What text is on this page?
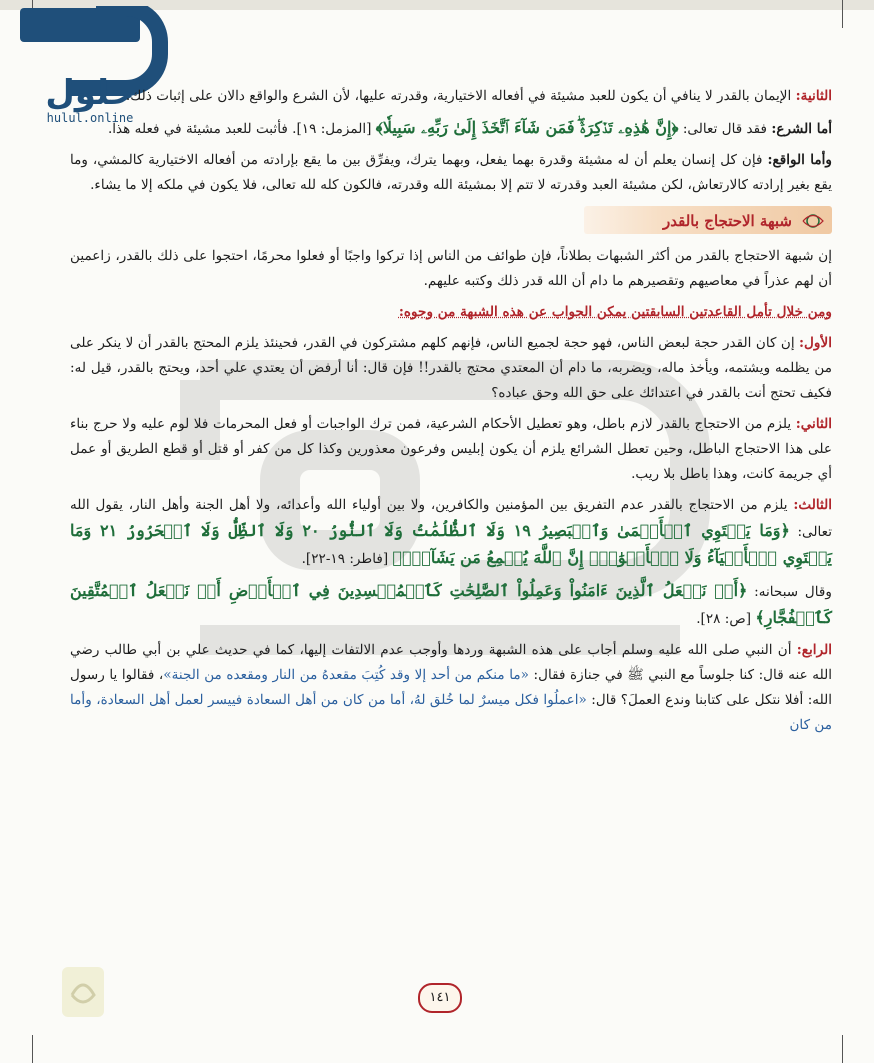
حلول
hulul.online

الثانية: الإيمان بالقدر لا ينافي أن يكون للعبد مشيئة في أفعاله الاختيارية، وقدرته عليها، لأن الشرع والواقع دالان على إثبات ذلك.

أما الشرع: فقد قال تعالى: ﴿إِنَّ هَٰذِهِۦ تَذۡكِرَةٞۖ فَمَن شَآءَ ٱتَّخَذَ إِلَىٰ رَبِّهِۦ سَبِيلٗا﴾ [المزمل: ١٩]. فأثبت للعبد مشيئة في فعله هذا.

وأما الواقع: فإن كل إنسان يعلم أن له مشيئة وقدرة بهما يفعل، وبهما يترك، ويفرِّق بين ما يقع بإرادته من أفعاله الاختيارية كالمشي، وما يقع بغير إرادته كالارتعاش، لكن مشيئة العبد وقدرته لا تتم إلا بمشيئة الله وقدرته، فالكون كله لله تعالى، فلا يكون في ملكه إلا ما يشاء.

شبهة الاحتجاج بالقدر

إن شبهة الاحتجاج بالقدر من أكثر الشبهات بطلاناً، فإن طوائف من الناس إذا تركوا واجبًا أو فعلوا محرمًا، احتجوا على ذلك بالقدر، زاعمين أن لهم عذراً في معاصيهم وتقصيرهم ما دام أن الله قدر ذلك وكتبه عليهم.

ومن خلال تأمل القاعدتين السابقتين يمكن الجواب عن هذه الشبهة من وجوه:

الأول: إن كان القدر حجة لبعض الناس، فهو حجة لجميع الناس، فإنهم كلهم مشتركون في القدر، فحينئذ يلزم المحتج بالقدر أن لا ينكر على من يظلمه ويشتمه، ويأخذ ماله، ويضربه، ما دام أن المعتدي محتج بالقدر!! فإن قال: أنا أرفض أن يعتدي علي أحد، ويحتج بالقدر، قيل له: فكيف تحتج أنت بالقدر في اعتدائك على حق الله وحق عباده؟

الثاني: يلزم من الاحتجاج بالقدر لازم باطل، وهو تعطيل الأحكام الشرعية، فمن ترك الواجبات أو فعل المحرمات فلا لوم عليه ولا حرج بناء على هذا الاحتجاج الباطل، وحين تعطل الشرائع يلزم أن يكون إبليس وفرعون معذورين وكذا كل من كفر أو قتل أو قطع الطريق أو عمل أي جريمة كانت، وهذا باطل بلا ريب.

الثالث: يلزم من الاحتجاج بالقدر عدم التفريق بين المؤمنين والكافرين، ولا بين أولياء الله وأعدائه، ولا أهل الجنة وأهل النار، يقول الله تعالى: ﴿وَمَا يَسۡتَوِي ٱلۡأَعۡمَىٰ وَٱلۡبَصِيرُ ١٩ وَلَا ٱلظُّلُمَٰتُ وَلَا ٱلنُّورُ ٢٠ وَلَا ٱلظِّلُّ وَلَا ٱلۡحَرُورُ ٢١ وَمَا يَسۡتَوِي ٱلۡأَحۡيَآءُ وَلَا ٱلۡأَمۡوَٰتُۚ إِنَّ ٱللَّهَ يُسۡمِعُ مَن يَشَآءُۖ﴾ [فاطر: ١٩-٢٢].

وقال سبحانه: ﴿أَمۡ نَجۡعَلُ ٱلَّذِينَ ءَامَنُواْ وَعَمِلُواْ ٱلصَّٰلِحَٰتِ كَٱلۡمُفۡسِدِينَ فِي ٱلۡأَرۡضِ أَمۡ نَجۡعَلُ ٱلۡمُتَّقِينَ كَٱلۡفُجَّارِ﴾ [ص: ٢٨].

الرابع: أن النبي صلى الله عليه وسلم أجاب على هذه الشبهة وردها وأوجب عدم الالتفات إليها، كما في حديث علي بن أبي طالب رضي الله عنه قال: كنا جلوساً مع النبي ﷺ في جنازة فقال: «ما منكم من أحد إلا وقد كُتِبَ مقعدهُ من النار ومقعده من الجنة»، فقالوا يا رسول الله: أفلا نتكل على كتابنا وندع العملَ؟ قال: «اعملُوا فكل ميسرٌ لما خُلق لهُ، أما من كان من أهل السعادة فييسر لعمل أهل السعادة، وأما من كان

١٤١
